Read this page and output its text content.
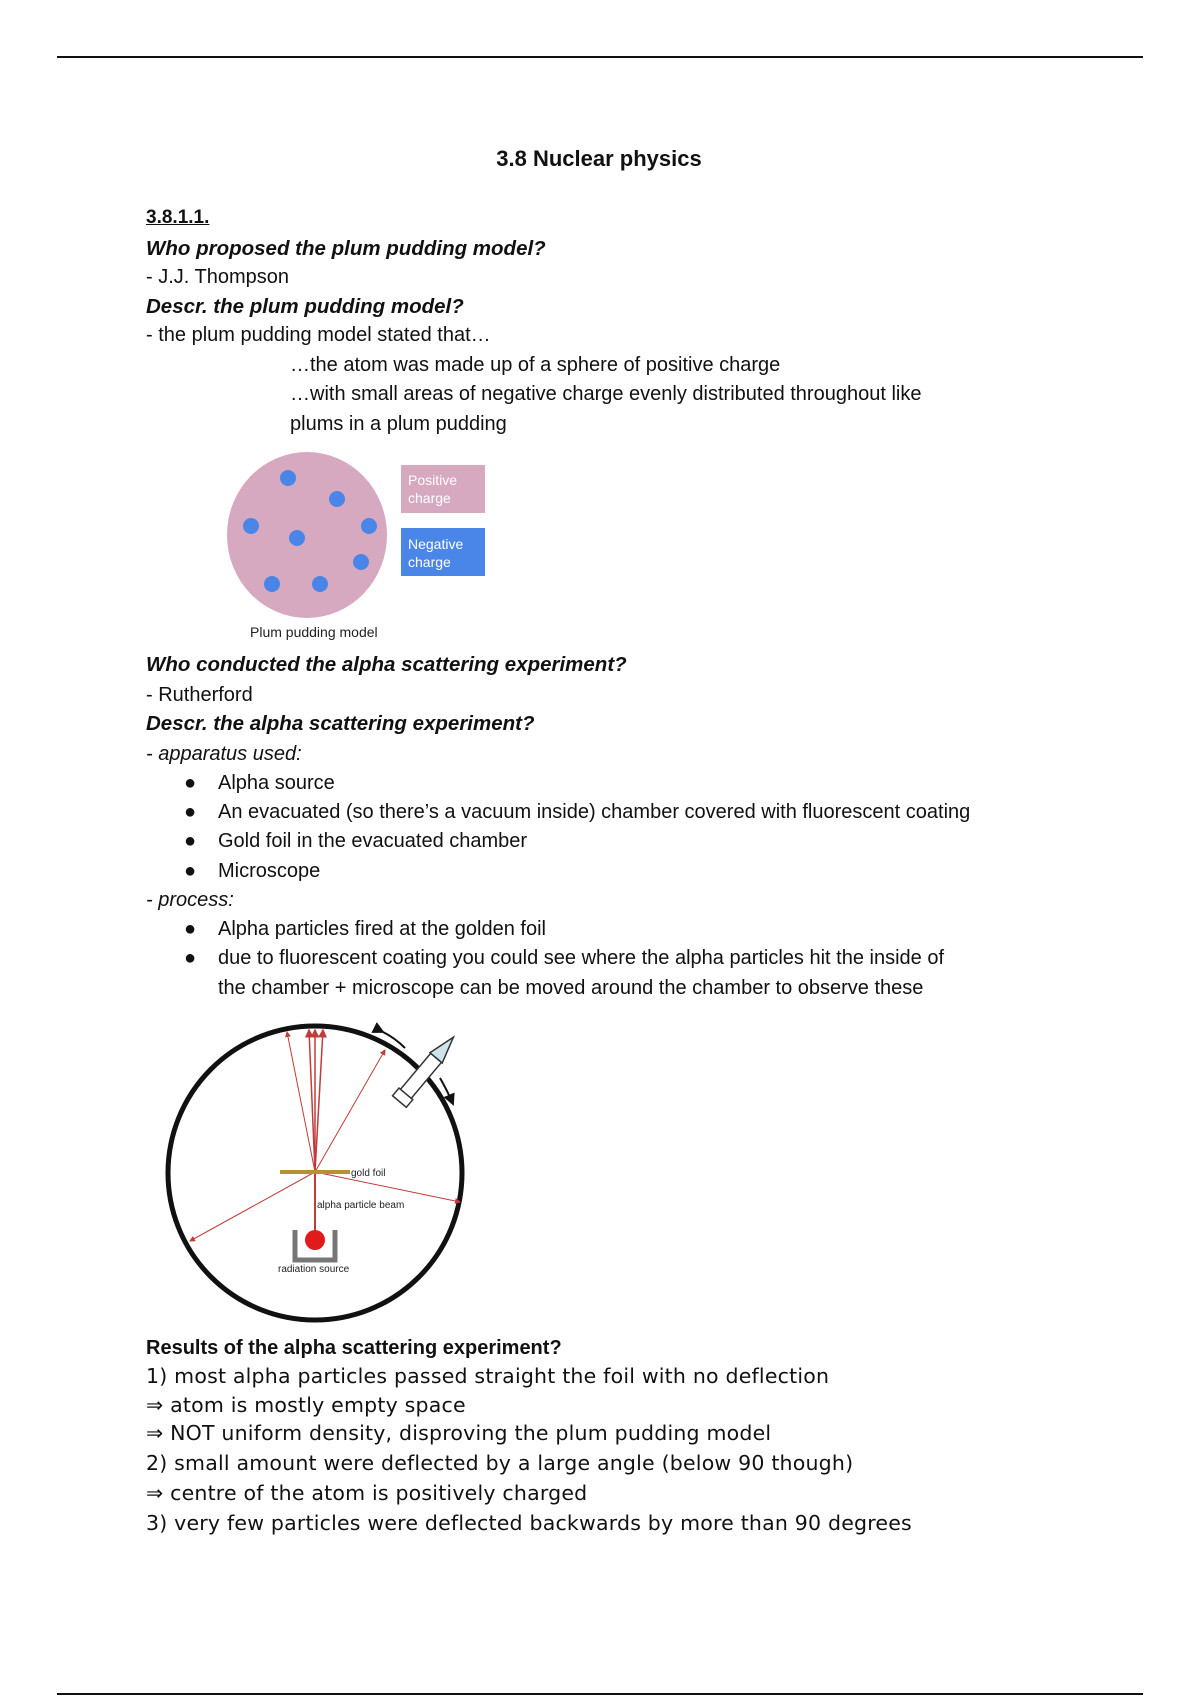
3.8 Nuclear physics
3.8.1.1.
Who proposed the plum pudding model?
- J.J. Thompson
Descr. the plum pudding model?
- the plum pudding model stated that…
…the atom was made up of a sphere of positive charge
…with small areas of negative charge evenly distributed throughout like
plums in a plum pudding
Positive
charge
Negative
charge
Plum pudding model
Who conducted the alpha scattering experiment?
- Rutherford
Descr. the alpha scattering experiment?
- apparatus used:
● Alpha source
● An evacuated (so there’s a vacuum inside) chamber covered with fluorescent coating
● Gold foil in the evacuated chamber
● Microscope
- process:
● Alpha particles fired at the golden foil
● due to fluorescent coating you could see where the alpha particles hit the inside of
the chamber + microscope can be moved around the chamber to observe these
gold foil
alpha particle beam
radiation source
Results of the alpha scattering experiment?
1) most alpha particles passed straight the foil with no deflection
⇒ atom is mostly empty space
⇒ NOT uniform density, disproving the plum pudding model
2) small amount were deflected by a large angle (below 90 though)
⇒ centre of the atom is positively charged
3) very few particles were deflected backwards by more than 90 degrees
